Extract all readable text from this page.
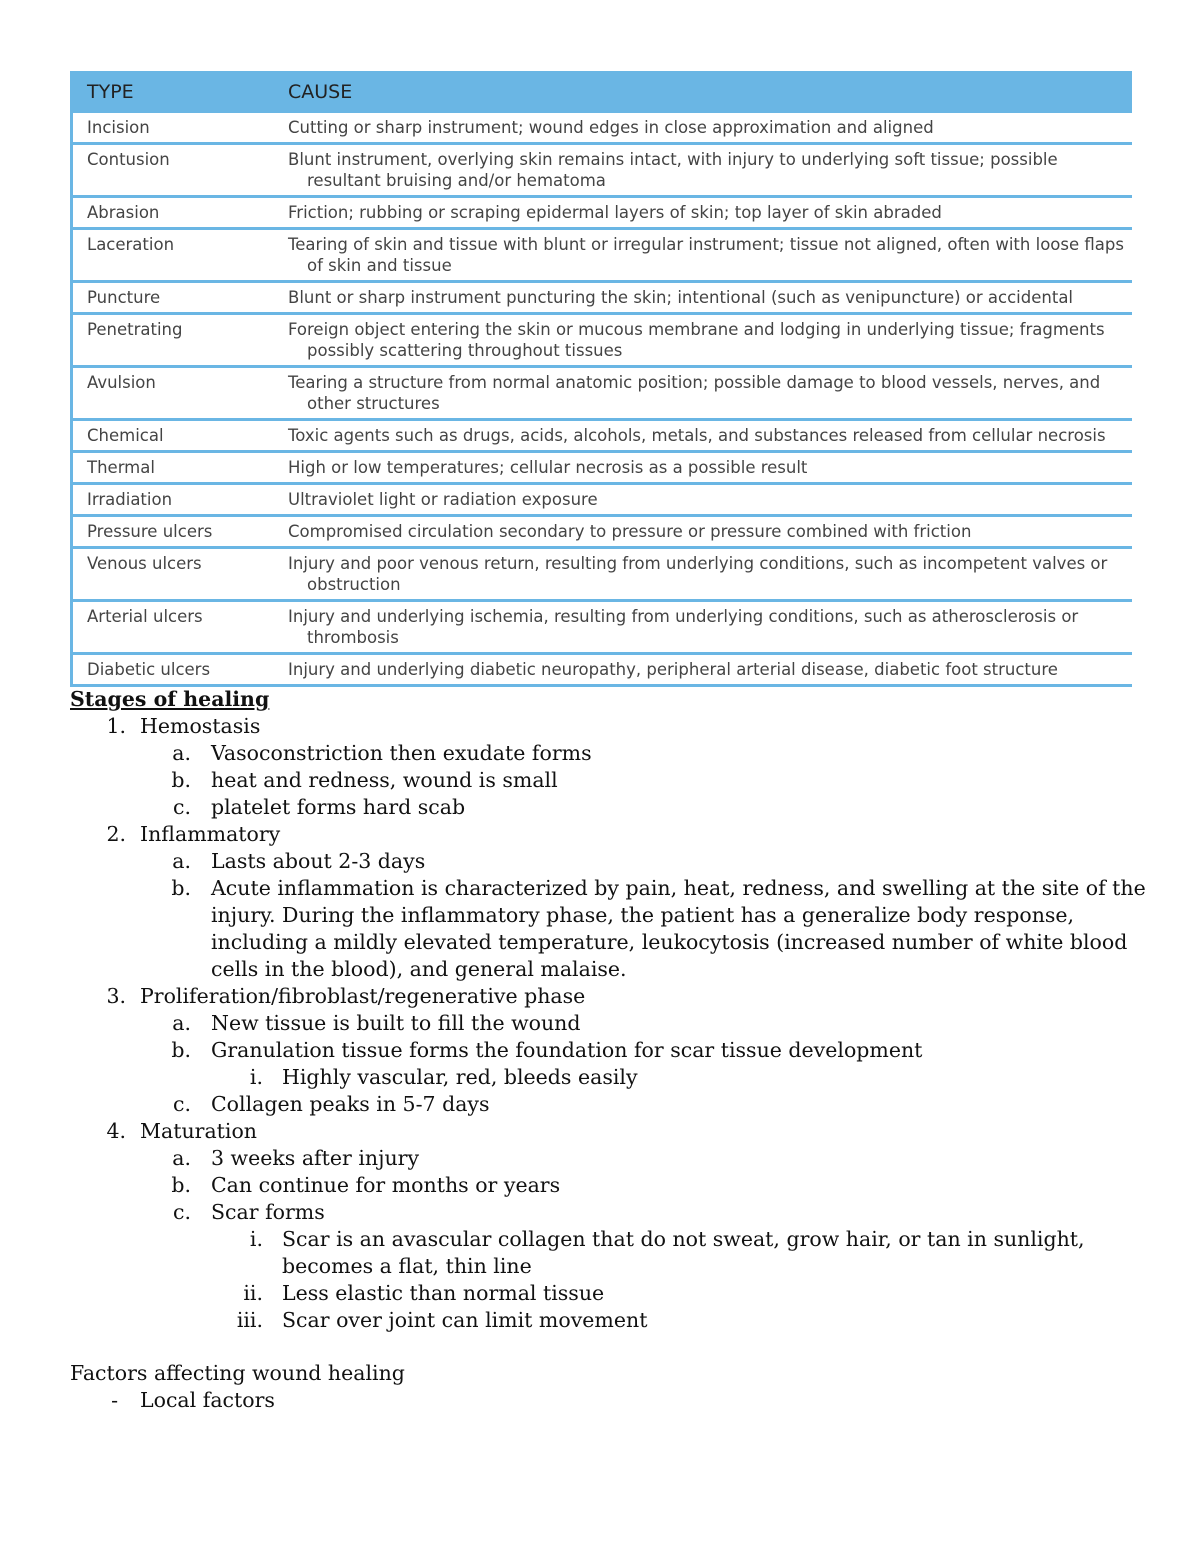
TYPE	CAUSE
Incision	Cutting or sharp instrument; wound edges in close approximation and aligned

Contusion	Blunt instrument, overlying skin remains intact, with injury to underlying soft tissue; possible resultant bruising and/or hematoma

Abrasion	Friction; rubbing or scraping epidermal layers of skin; top layer of skin abraded

Laceration	Tearing of skin and tissue with blunt or irregular instrument; tissue not aligned, often with loose flaps of skin and tissue

Puncture	Blunt or sharp instrument puncturing the skin; intentional (such as venipuncture) or accidental

Penetrating	Foreign object entering the skin or mucous membrane and lodging in underlying tissue; fragments possibly scattering throughout tissues

Avulsion	Tearing a structure from normal anatomic position; possible damage to blood vessels, nerves, and other structures

Chemical	Toxic agents such as drugs, acids, alcohols, metals, and substances released from cellular necrosis

Thermal	High or low temperatures; cellular necrosis as a possible result

Irradiation	Ultraviolet light or radiation exposure

Pressure ulcers	Compromised circulation secondary to pressure or pressure combined with friction

Venous ulcers	Injury and poor venous return, resulting from underlying conditions, such as incompetent valves or obstruction

Arterial ulcers	Injury and underlying ischemia, resulting from underlying conditions, such as atherosclerosis or thrombosis

Diabetic ulcers	Injury and underlying diabetic neuropathy, peripheral arterial disease, diabetic foot structure

Stages of healing

1. Hemostasis
a. Vasoconstriction then exudate forms
b. heat and redness, wound is small
c. platelet forms hard scab
2. Inflammatory
a. Lasts about 2-3 days
b. Acute inflammation is characterized by pain, heat, redness, and swelling at the site of the injury. During the inflammatory phase, the patient has a generalize body response, including a mildly elevated temperature, leukocytosis (increased number of white blood cells in the blood), and general malaise.
3. Proliferation/fibroblast/regenerative phase
a. New tissue is built to fill the wound
b. Granulation tissue forms the foundation for scar tissue development
i. Highly vascular, red, bleeds easily
c. Collagen peaks in 5-7 days
4. Maturation
a. 3 weeks after injury
b. Can continue for months or years
c. Scar forms
i. Scar is an avascular collagen that do not sweat, grow hair, or tan in sunlight, becomes a flat, thin line
ii. Less elastic than normal tissue
iii. Scar over joint can limit movement

Factors affecting wound healing

- Local factors
